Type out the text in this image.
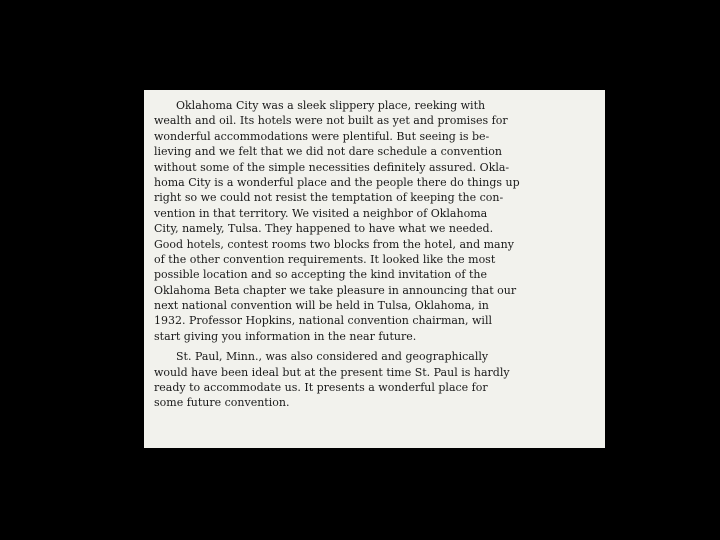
Oklahoma City was a sleek slippery place, reeking with
wealth and oil. Its hotels were not built as yet and promises for
wonderful accommodations were plentiful. But seeing is be-
lieving and we felt that we did not dare schedule a convention
without some of the simple necessities definitely assured. Okla-
homa City is a wonderful place and the people there do things up
right so we could not resist the temptation of keeping the con-
vention in that territory. We visited a neighbor of Oklahoma
City, namely, Tulsa. They happened to have what we needed.
Good hotels, contest rooms two blocks from the hotel, and many
of the other convention requirements. It looked like the most
possible location and so accepting the kind invitation of the
Oklahoma Beta chapter we take pleasure in announcing that our
next national convention will be held in Tulsa, Oklahoma, in
1932. Professor Hopkins, national convention chairman, will
start giving you information in the near future.

St. Paul, Minn., was also considered and geographically
would have been ideal but at the present time St. Paul is hardly
ready to accommodate us. It presents a wonderful place for
some future convention.
